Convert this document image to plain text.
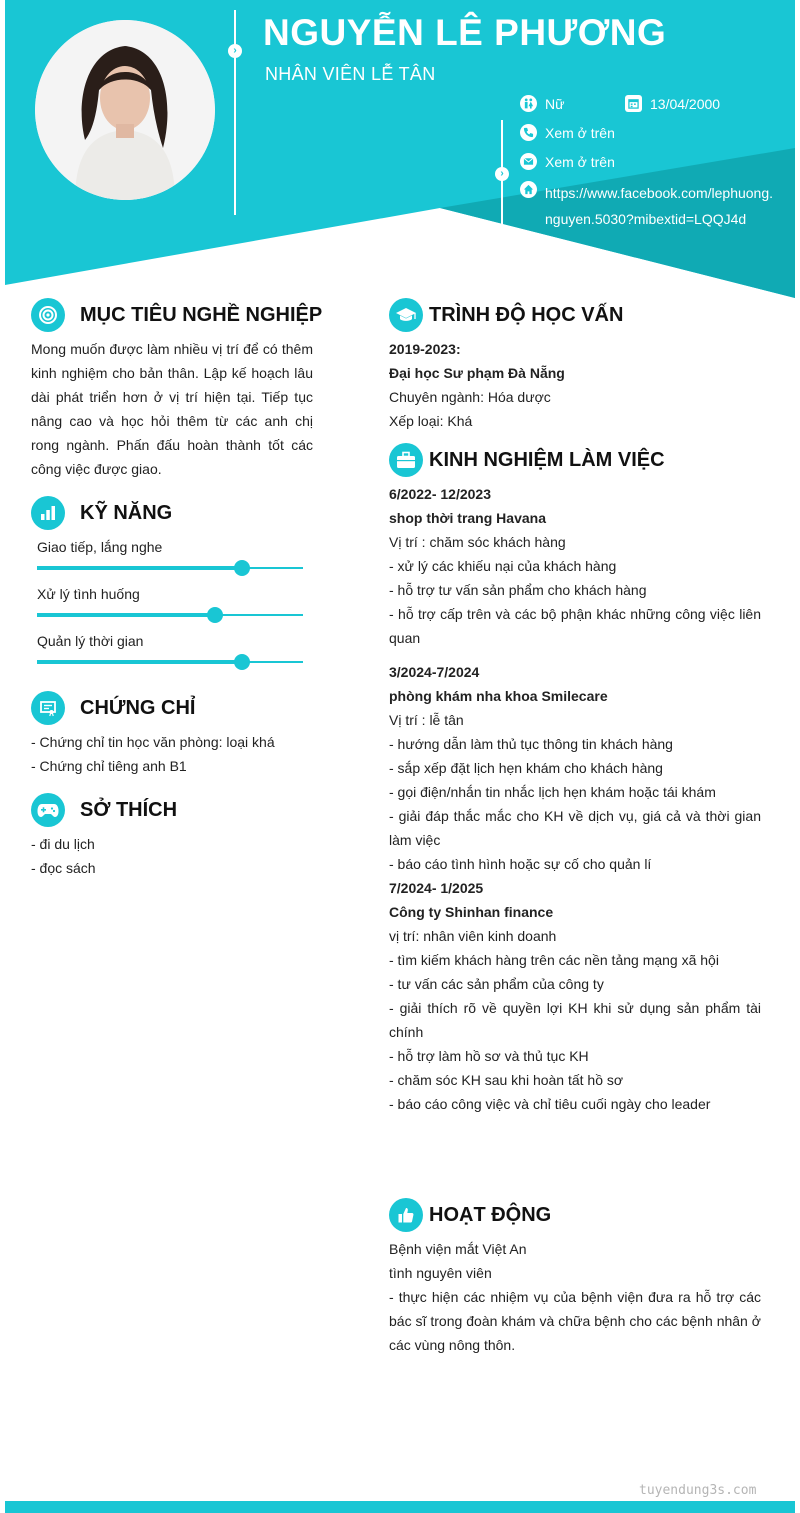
› NGUYỄN LÊ PHƯƠNG
NHÂN VIÊN LỄ TÂN
Nữ	13/04/2000
›
Xem ở trên
Xem ở trên
https://www.facebook.com/lephuong.nguyen.5030?mibextid=LQQJ4d
MỤC TIÊU NGHỀ NGHIỆP
Mong muốn được làm nhiều vị trí để có thêm kinh nghiệm cho bản thân. Lập kế hoạch lâu dài phát triển hơn ở vị trí hiện tại. Tiếp tục nâng cao và học hỏi thêm từ các anh chị rong ngành. Phấn đấu hoàn thành tốt các công việc được giao.
KỸ NĂNG
Giao tiếp, lắng nghe
Xử lý tình huống
Quản lý thời gian
CHỨNG CHỈ
- Chứng chỉ tin học văn phòng: loại khá
- Chứng chỉ tiêng anh B1
SỞ THÍCH
- đi du lịch
- đọc sách
TRÌNH ĐỘ HỌC VẤN
2019-2023:
Đại học Sư phạm Đà Nẵng
Chuyên ngành: Hóa dược
Xếp loại: Khá
KINH NGHIỆM LÀM VIỆC
6/2022- 12/2023
shop thời trang Havana
Vị trí : chăm sóc khách hàng
- xử lý các khiếu nại của khách hàng
- hỗ trợ tư vấn sản phẩm cho khách hàng
- hỗ trợ cấp trên và các bộ phận khác những công việc liên quan
3/2024-7/2024
phòng khám nha khoa Smilecare
Vị trí : lễ tân
- hướng dẫn làm thủ tục thông tin khách hàng
- sắp xếp đặt lịch hẹn khám cho khách hàng
- gọi điện/nhắn tin nhắc lịch hẹn khám hoặc tái khám
- giải đáp thắc mắc cho KH về dịch vụ, giá cả và thời gian làm việc
- báo cáo tình hình hoặc sự cố cho quản lí
7/2024- 1/2025
Công ty Shinhan finance
vị trí: nhân viên kinh doanh
- tìm kiếm khách hàng trên các nền tảng mạng xã hội
- tư vấn các sản phẩm của công ty
- giải thích rõ về quyền lợi KH khi sử dụng sản phẩm tài chính
- hỗ trợ làm hồ sơ và thủ tục KH
- chăm sóc KH sau khi hoàn tất hồ sơ
- báo cáo công việc và chỉ tiêu cuối ngày cho leader
HOẠT ĐỘNG
Bệnh viện mắt Việt An
tình nguyên viên
- thực hiện các nhiệm vụ của bệnh viện đưa ra hỗ trợ các bác sĩ trong đoàn khám và chữa bệnh cho các bệnh nhân ở các vùng nông thôn.
tuyendung3s.com
